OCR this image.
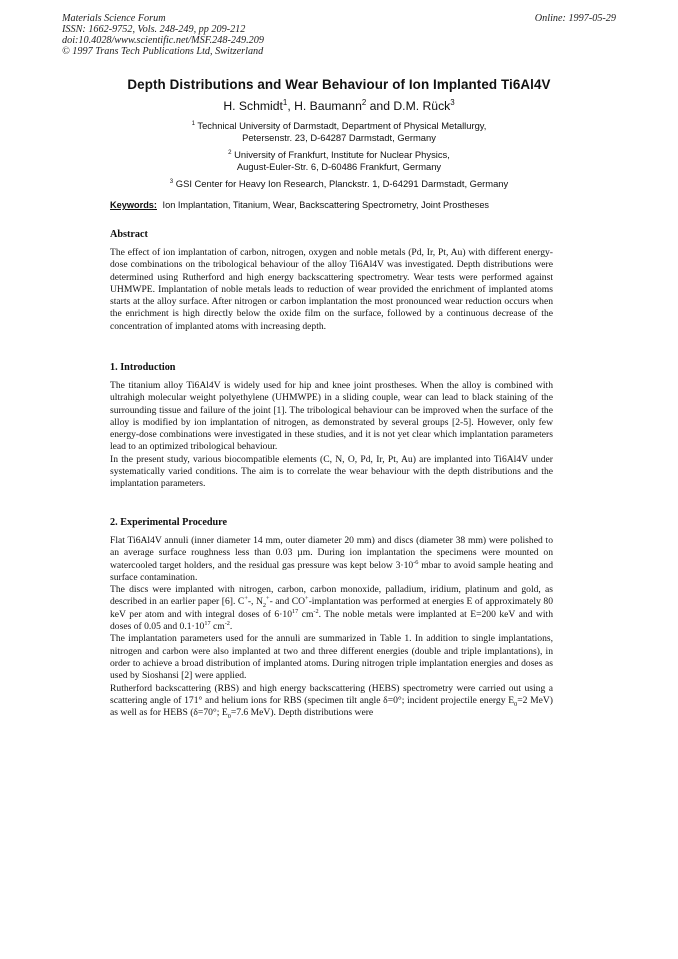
Materials Science Forum
ISSN: 1662-9752, Vols. 248-249, pp 209-212
doi:10.4028/www.scientific.net/MSF.248-249.209
© 1997 Trans Tech Publications Ltd, Switzerland
Online: 1997-05-29
Depth Distributions and Wear Behaviour of Ion Implanted Ti6Al4V
H. Schmidt$^1$, H. Baumann$^2$ and D.M. Rück$^3$
$^1$ Technical University of Darmstadt, Department of Physical Metallurgy,
Petersenstr. 23, D-64287 Darmstadt, Germany
$^2$ University of Frankfurt, Institute for Nuclear Physics,
August-Euler-Str. 6, D-60486 Frankfurt, Germany
$^3$ GSI Center for Heavy Ion Research, Planckstr. 1, D-64291 Darmstadt, Germany
Keywords: Ion Implantation, Titanium, Wear, Backscattering Spectrometry, Joint Prostheses
Abstract

The effect of ion implantation of carbon, nitrogen, oxygen and noble metals (Pd, Ir, Pt, Au) with different energy-dose combinations on the tribological behaviour of the alloy Ti6Al4V was investigated. Depth distributions were determined using Rutherford and high energy backscattering spectrometry. Wear tests were performed against UHMWPE. Implantation of noble metals leads to reduction of wear provided the enrichment of implanted atoms starts at the alloy surface. After nitrogen or carbon implantation the most pronounced wear reduction occurs when the enrichment is high directly below the oxide film on the surface, followed by a continuous decrease of the concentration of implanted atoms with increasing depth.

1. Introduction

The titanium alloy Ti6Al4V is widely used for hip and knee joint prostheses. When the alloy is combined with ultrahigh molecular weight polyethylene (UHMWPE) in a sliding couple, wear can lead to black staining of the surrounding tissue and failure of the joint [1]. The tribological behaviour can be improved when the surface of the alloy is modified by ion implantation of nitrogen, as demonstrated by several groups [2-5]. However, only few energy-dose combinations were investigated in these studies, and it is not yet clear which implantation parameters lead to an optimized tribological behaviour.

In the present study, various biocompatible elements (C, N, O, Pd, Ir, Pt, Au) are implanted into Ti6Al4V under systematically varied conditions. The aim is to correlate the wear behaviour with the depth distributions and the implantation parameters.

2. Experimental Procedure

Flat Ti6Al4V annuli (inner diameter 14 mm, outer diameter 20 mm) and discs (diameter 38 mm) were polished to an average surface roughness less than 0.03 µm. During ion implantation the specimens were mounted on watercooled target holders, and the residual gas pressure was kept below $3\cdot 10^{-6}$ mbar to avoid sample heating and surface contamination.

The discs were implanted with nitrogen, carbon, carbon monoxide, palladium, iridium, platinum and gold, as described in an earlier paper [6]. C+-, $N_2^+-$ and CO+-implantation was performed at energies E of approximately 80 keV per atom and with integral doses of $6\cdot 10^{17}$ $cm^{-2}$. The noble metals were implanted at E=200 keV and with doses of 0.05 and $0.1\cdot 10^{17}$ $cm^{-2}$.

The implantation parameters used for the annuli are summarized in Table 1. In addition to single implantations, nitrogen and carbon were also implanted at two and three different energies (double and triple implantations), in order to achieve a broad distribution of implanted atoms. During nitrogen triple implantation energies and doses as used by Sioshansi [2] were applied.

Rutherford backscattering (RBS) and high energy backscattering (HEBS) spectrometry were carried out using a scattering angle of 171° and helium ions for RBS (specimen tilt angle δ=0°; incident projectile energy $E_0=2$ MeV) as well as for HEBS (δ=70°; $E_0=7.6$ MeV). Depth distributions were
